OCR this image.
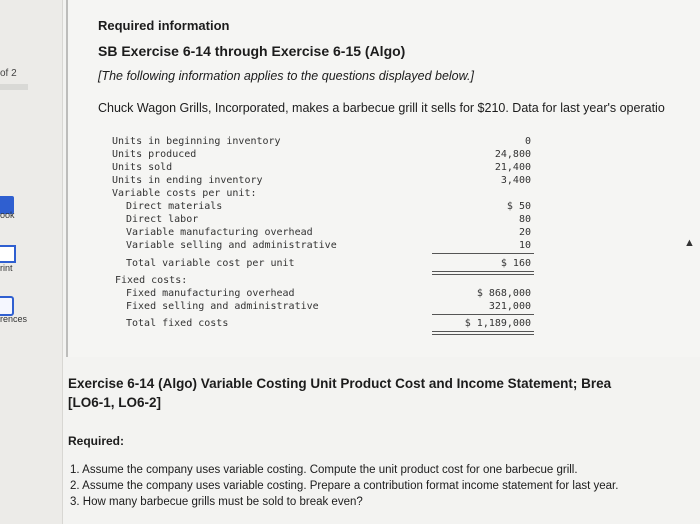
of 2
ook
rint
rences
Required information
SB Exercise 6-14 through Exercise 6-15 (Algo)
[The following information applies to the questions displayed below.]
Chuck Wagon Grills, Incorporated, makes a barbecue grill it sells for $210. Data for last year's operatio
Units in beginning inventory
Units produced
Units sold
Units in ending inventory
Variable costs per unit:
Direct materials
Direct labor
Variable manufacturing overhead
Variable selling and administrative
Total variable cost per unit
Fixed costs:
Fixed manufacturing overhead
Fixed selling and administrative
Total fixed costs
0
24,800
21,400
3,400
$ 50
80
20
10
$ 160
$ 868,000
321,000
$ 1,189,000
▲
Exercise 6-14 (Algo) Variable Costing Unit Product Cost and Income Statement; Brea
[LO6-1, LO6-2]
Required:
1. Assume the company uses variable costing. Compute the unit product cost for one barbecue grill.
2. Assume the company uses variable costing. Prepare a contribution format income statement for last year.
3. How many barbecue grills must be sold to break even?
